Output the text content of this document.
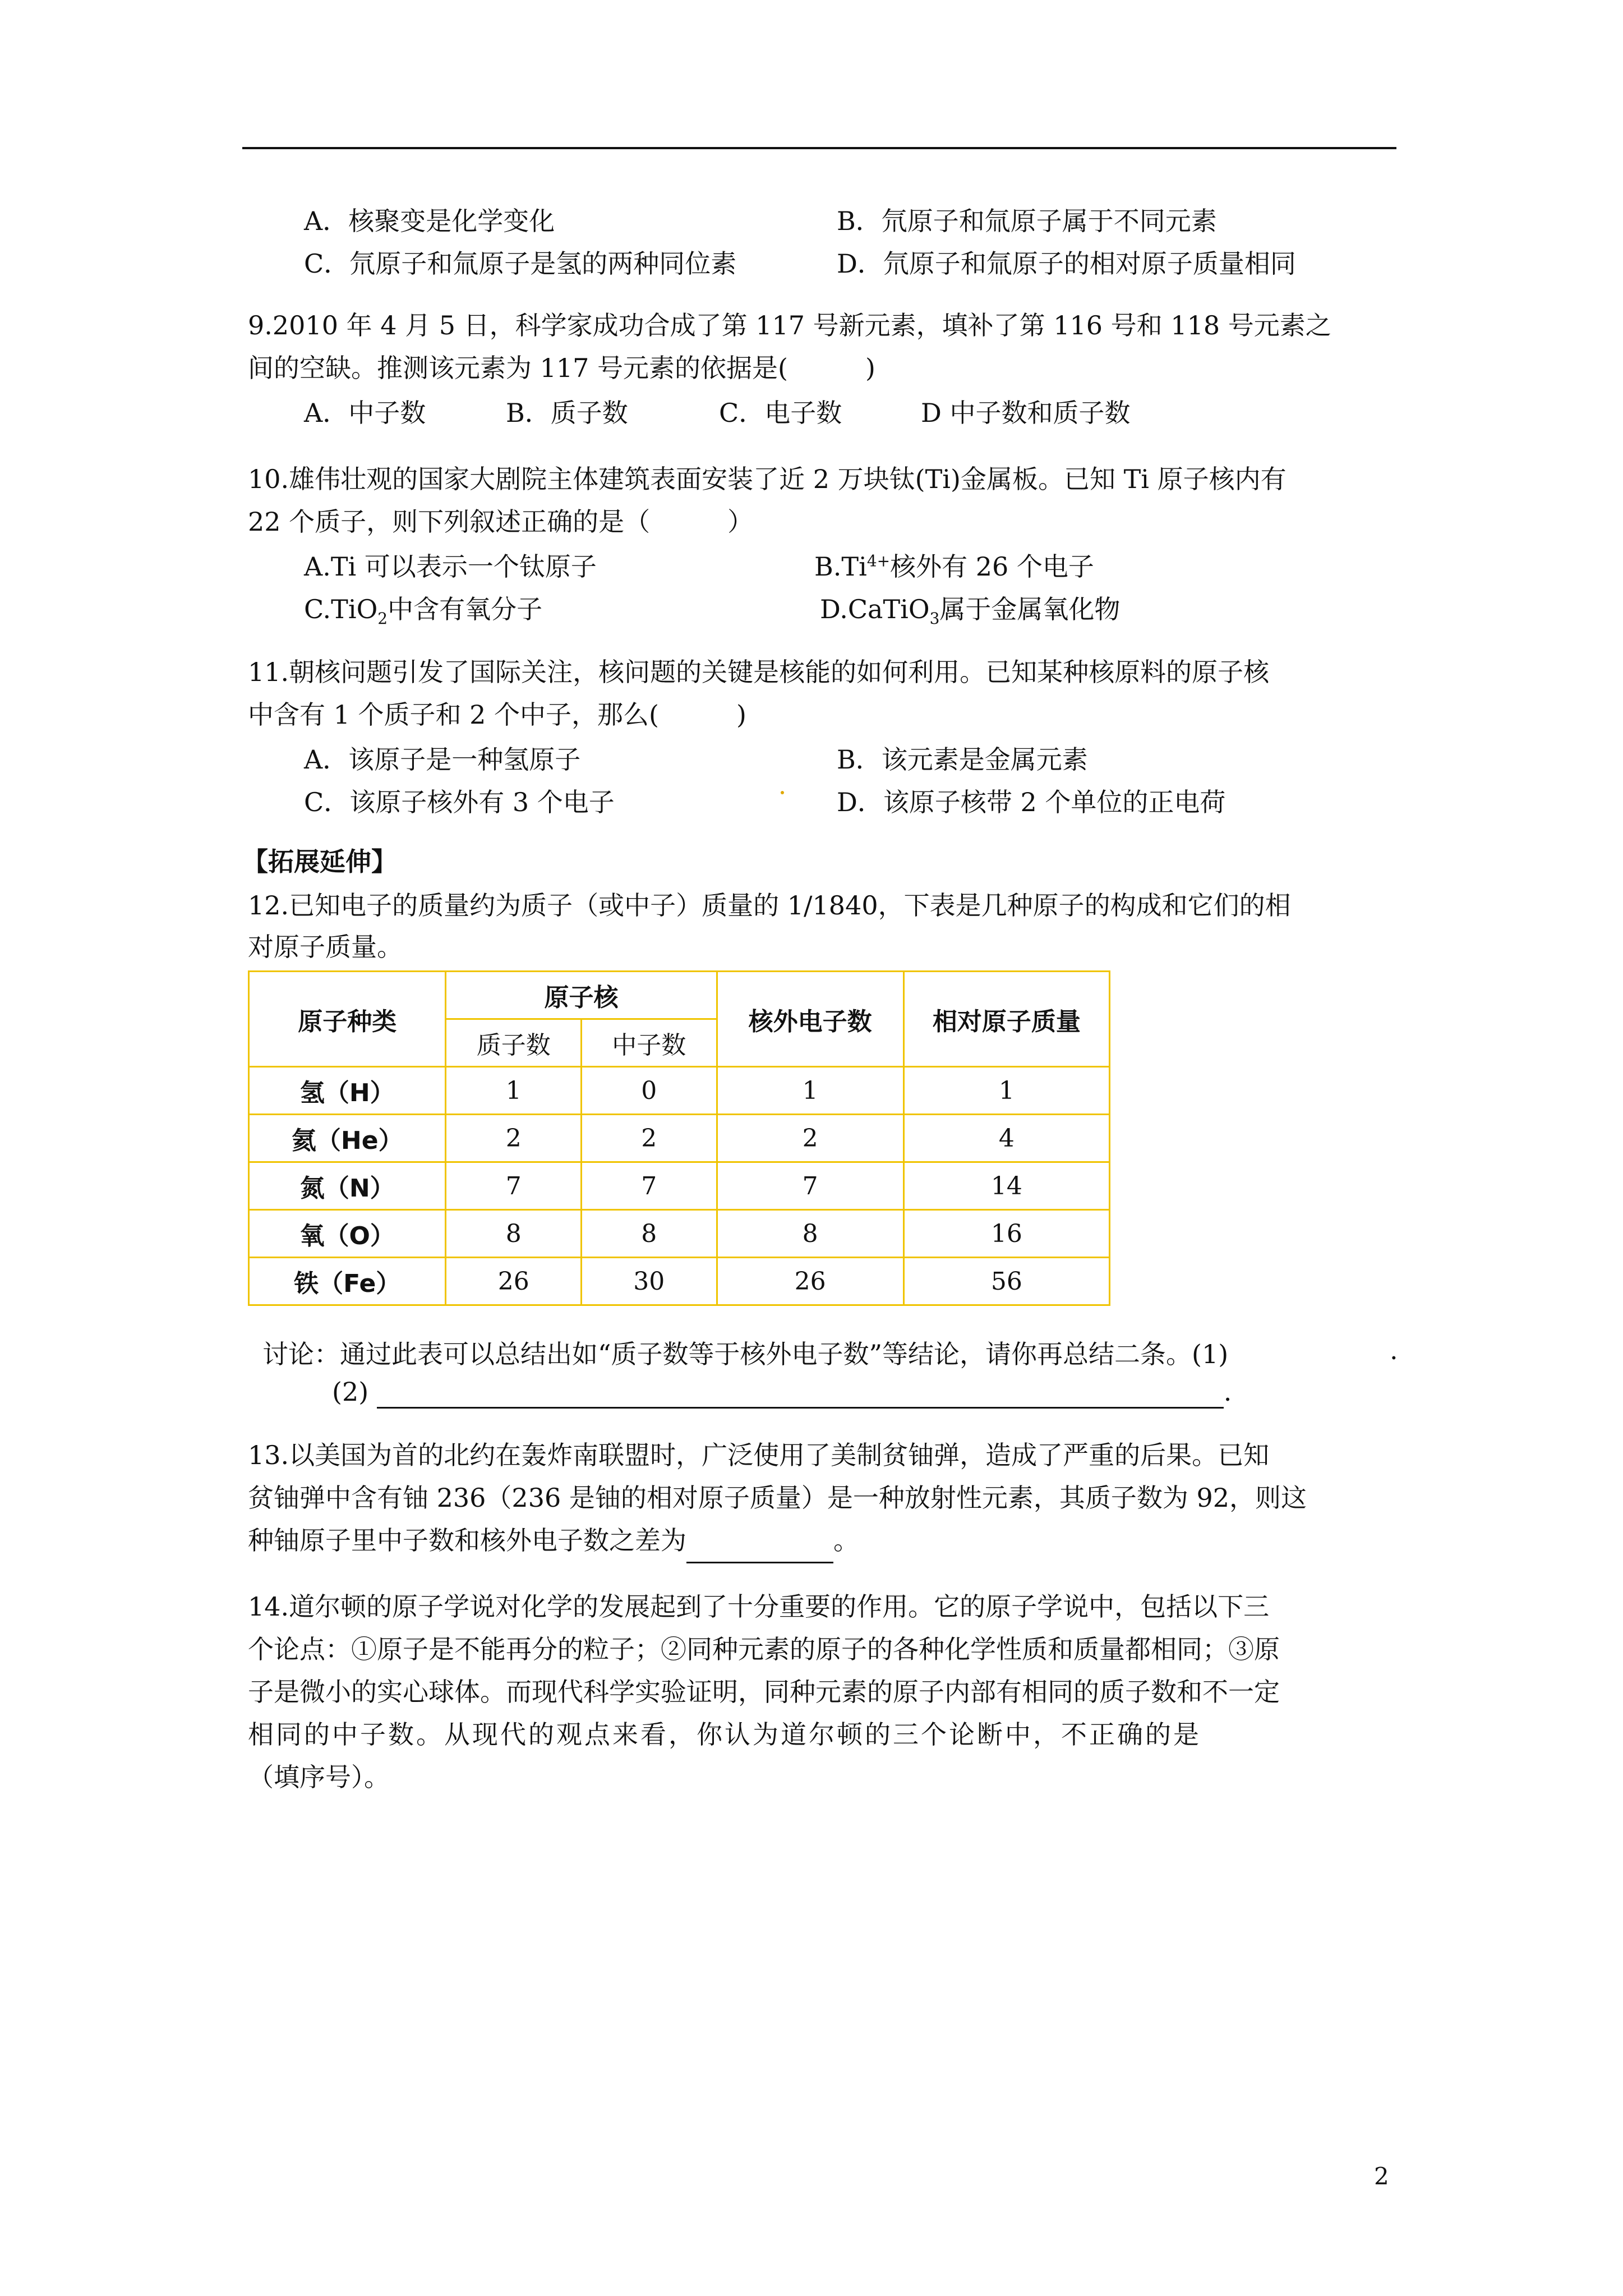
A．核聚变是化学变化	B．氘原子和氚原子属于不同元素
C．氘原子和氚原子是氢的两种同位素	D．氘原子和氚原子的相对原子质量相同
9.2010 年 4 月 5 日，科学家成功合成了第 117 号新元素，填补了第 116 号和 118 号元素之
间的空缺。推测该元素为 117 号元素的依据是(　　　)
A．中子数	B．质子数	C．电子数	D 中子数和质子数
10.雄伟壮观的国家大剧院主体建筑表面安装了近 2 万块钛(Ti)金属板。已知 Ti 原子核内有
22 个质子，则下列叙述正确的是（　　　）
A.Ti 可以表示一个钛原子	$B.Ti^{4+}$核外有 26 个电子
C.TiO$_2$中含有氧分子	D.CaTiO$_3$属于金属氧化物
11.朝核问题引发了国际关注，核问题的关键是核能的如何利用。已知某种核原料的原子核
中含有 1 个质子和 2 个中子，那么(　　　)
A．该原子是一种氢原子	B．该元素是金属元素
C．该原子核外有 3 个电子	D．该原子核带 2 个单位的正电荷
【拓展延伸】
12.已知电子的质量约为质子（或中子）质量的 1/1840，下表是几种原子的构成和它们的相
对原子质量。
原子种类	原子核		核外电子数	相对原子质量
	质子数	中子数		
氢（H）	1	0	1	1
氦（He）	2	2	2	4
氮（N）	7	7	7	14
氧（O）	8	8	8	16
铁（Fe）	26	30	26	56
讨论：通过此表可以总结出如“质子数等于核外电子数”等结论，请你再总结二条。(1)	.
(2)	.
13.以美国为首的北约在轰炸南联盟时，广泛使用了美制贫铀弹，造成了严重的后果。已知
贫铀弹中含有铀 236（236 是铀的相对原子质量）是一种放射性元素，其质子数为 92，则这
种铀原子里中子数和核外电子数之差为	。
14.道尔顿的原子学说对化学的发展起到了十分重要的作用。它的原子学说中，包括以下三
个论点：①原子是不能再分的粒子；②同种元素的原子的各种化学性质和质量都相同；③原
子是微小的实心球体。而现代科学实验证明，同种元素的原子内部有相同的质子数和不一定
相同的中子数。从现代的观点来看，你认为道尔顿的三个论断中，不正确的是
（填序号）。
2
